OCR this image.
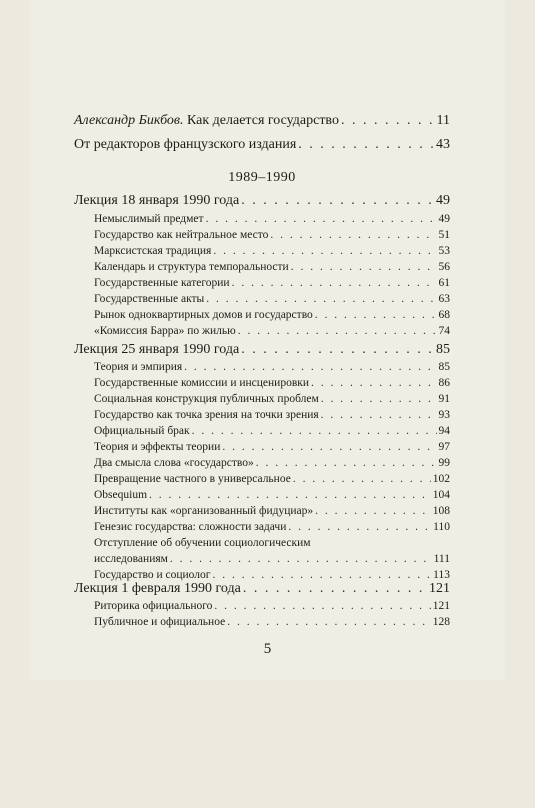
Александр Бикбов. Как делается государство . . .	11
От редакторов французского издания . . .	43
1989–1990
Лекция 18 января 1990 года . . .	49
Немыслимый предмет . . .	49
Государство как нейтральное место . . .	51
Марксистская традиция . . .	53
Календарь и структура темпоральности . . .	56
Государственные категории . . .	61
Государственные акты . . .	63
Рынок одноквартирных домов и государство . . .	68
«Комиссия Барра» по жилью . . .	74
Лекция 25 января 1990 года . . .	85
Теория и эмпирия . . .	85
Государственные комиссии и инсценировки . . .	86
Социальная конструкция публичных проблем . . .	91
Государство как точка зрения на точки зрения . . .	93
Официальный брак . . .	94
Теория и эффекты теории . . .	97
Два смысла слова «государство» . . .	99
Превращение частного в универсальное . . .	102
Obsequium . . .	104
Институты как «организованный фидуциар» . . .	108
Генезис государства: сложности задачи . . .	110
Отступление об обучении социологическим
исследованиям . . .	111
Государство и социолог . . .	113
Лекция 1 февраля 1990 года . . .	121
Риторика официального . . .	121
Публичное и официальное . . .	128
5
